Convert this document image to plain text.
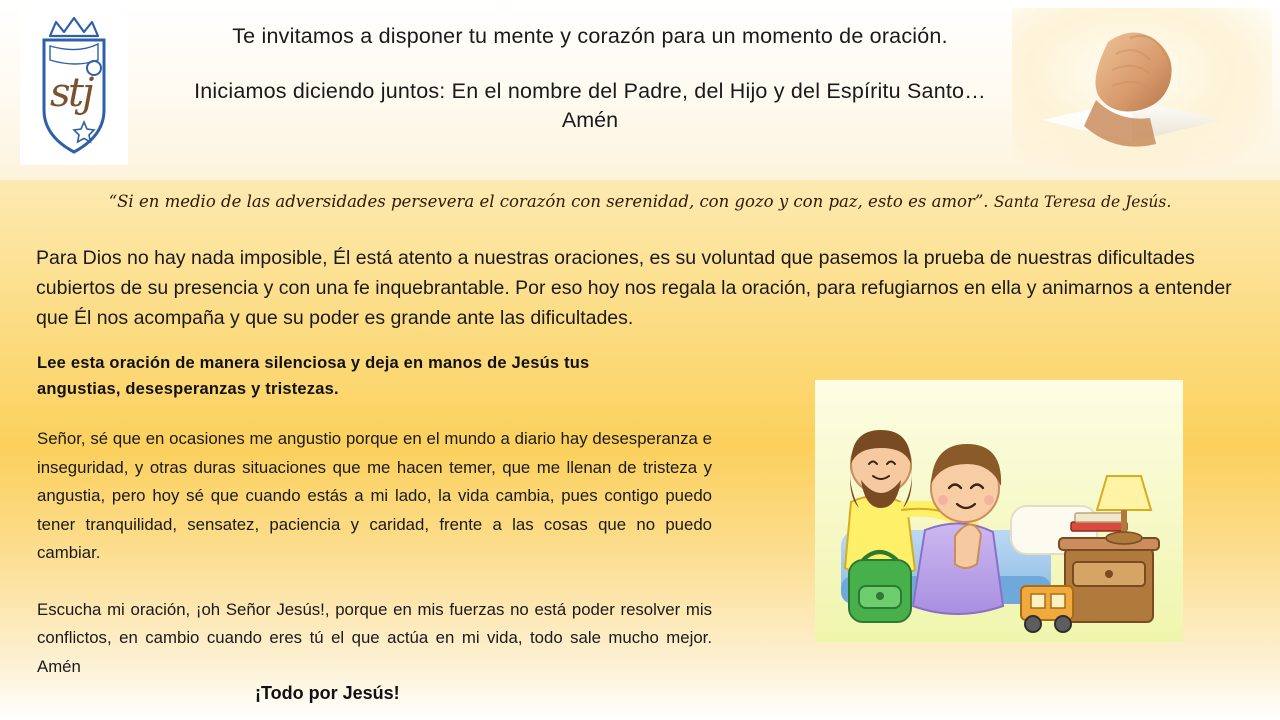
s
t
j
Te invitamos a disponer tu mente y corazón para un momento de oración.
Iniciamos diciendo juntos: En el nombre del Padre, del Hijo y del Espíritu Santo…
Amén
“Si en medio de las adversidades persevera el corazón con serenidad, con gozo y con paz, esto es amor”. Santa Teresa de Jesús.
Para Dios no hay nada imposible, Él está atento a nuestras oraciones, es su voluntad que pasemos la prueba de nuestras dificultades cubiertos de su presencia y con una fe inquebrantable. Por eso hoy nos regala la oración, para refugiarnos en ella y animarnos a entender que Él nos acompaña y que su poder es grande ante las dificultades.
Lee esta oración de manera silenciosa y deja en manos de Jesús tus
angustias, desesperanzas y tristezas.

Señor, sé que en ocasiones me angustio porque en el mundo a diario hay desesperanza e inseguridad, y otras duras situaciones que me hacen temer, que me llenan de tristeza y angustia, pero hoy sé que cuando estás a mi lado, la vida cambia, pues contigo puedo tener tranquilidad, sensatez, paciencia y caridad, frente a las cosas que no puedo cambiar.

Escucha mi oración, ¡oh Señor Jesús!, porque en mis fuerzas no está poder resolver mis conflictos, en cambio cuando eres tú el que actúa en mi vida, todo sale mucho mejor. Amén

¡Todo por Jesús!
